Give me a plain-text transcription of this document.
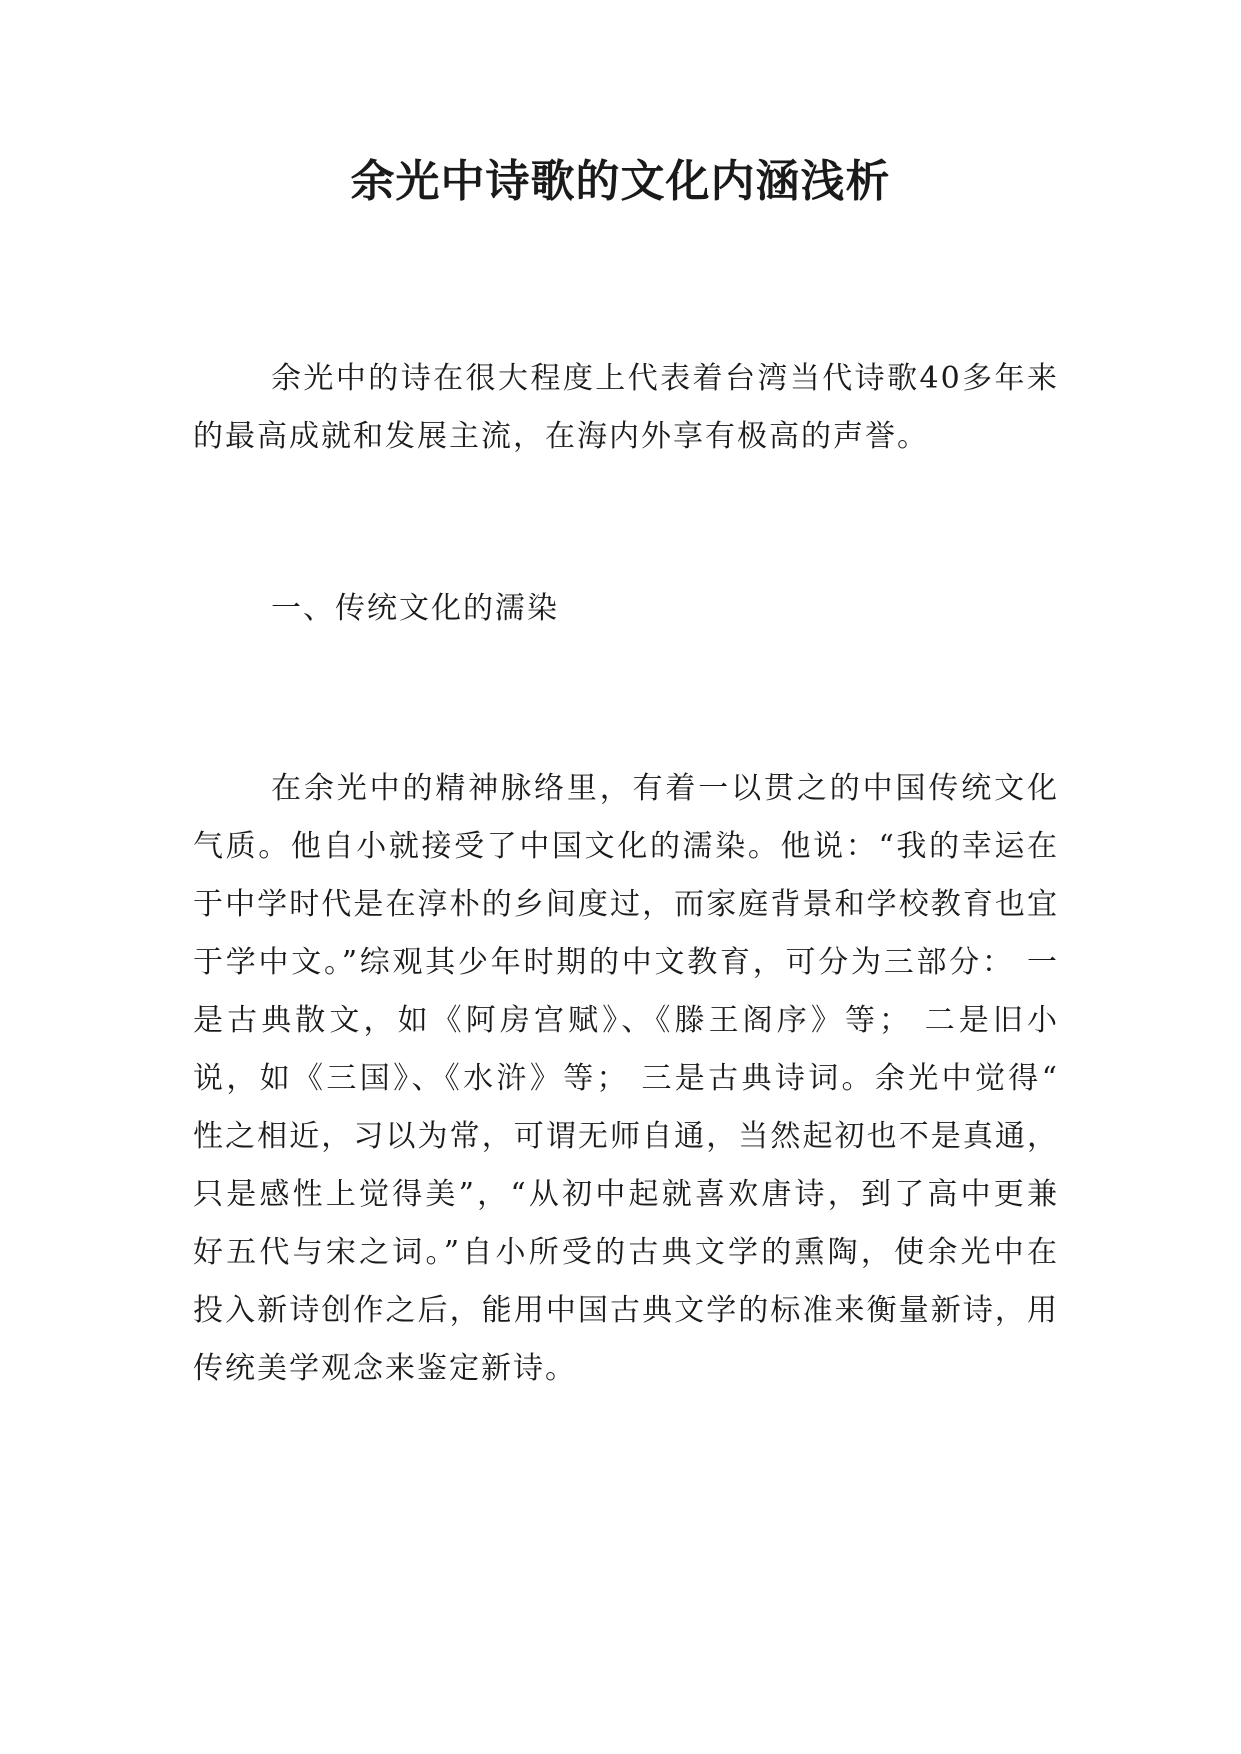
余光中诗歌的文化内涵浅析

余光中的诗在很大程度上代表着台湾当代诗歌40多年来的最高成就和发展主流，在海内外享有极高的声誉。

一、传统文化的濡染

在余光中的精神脉络里，有着一以贯之的中国传统文化气质。他自小就接受了中国文化的濡染。他说：“我的幸运在于中学时代是在淳朴的乡间度过，而家庭背景和学校教育也宜于学中文。”综观其少年时期的中文教育，可分为三部分： 一是古典散文，如《阿房宫赋》、《滕王阁序》等； 二是旧小说，如《三国》、《水浒》等； 三是古典诗词。余光中觉得“ 性之相近，习以为常，可谓无师自通，当然起初也不是真通，只是感性上觉得美”，“从初中起就喜欢唐诗，到了高中更兼好五代与宋之词。”自小所受的古典文学的熏陶，使余光中在投入新诗创作之后，能用中国古典文学的标准来衡量新诗，用传统美学观念来鉴定新诗。
